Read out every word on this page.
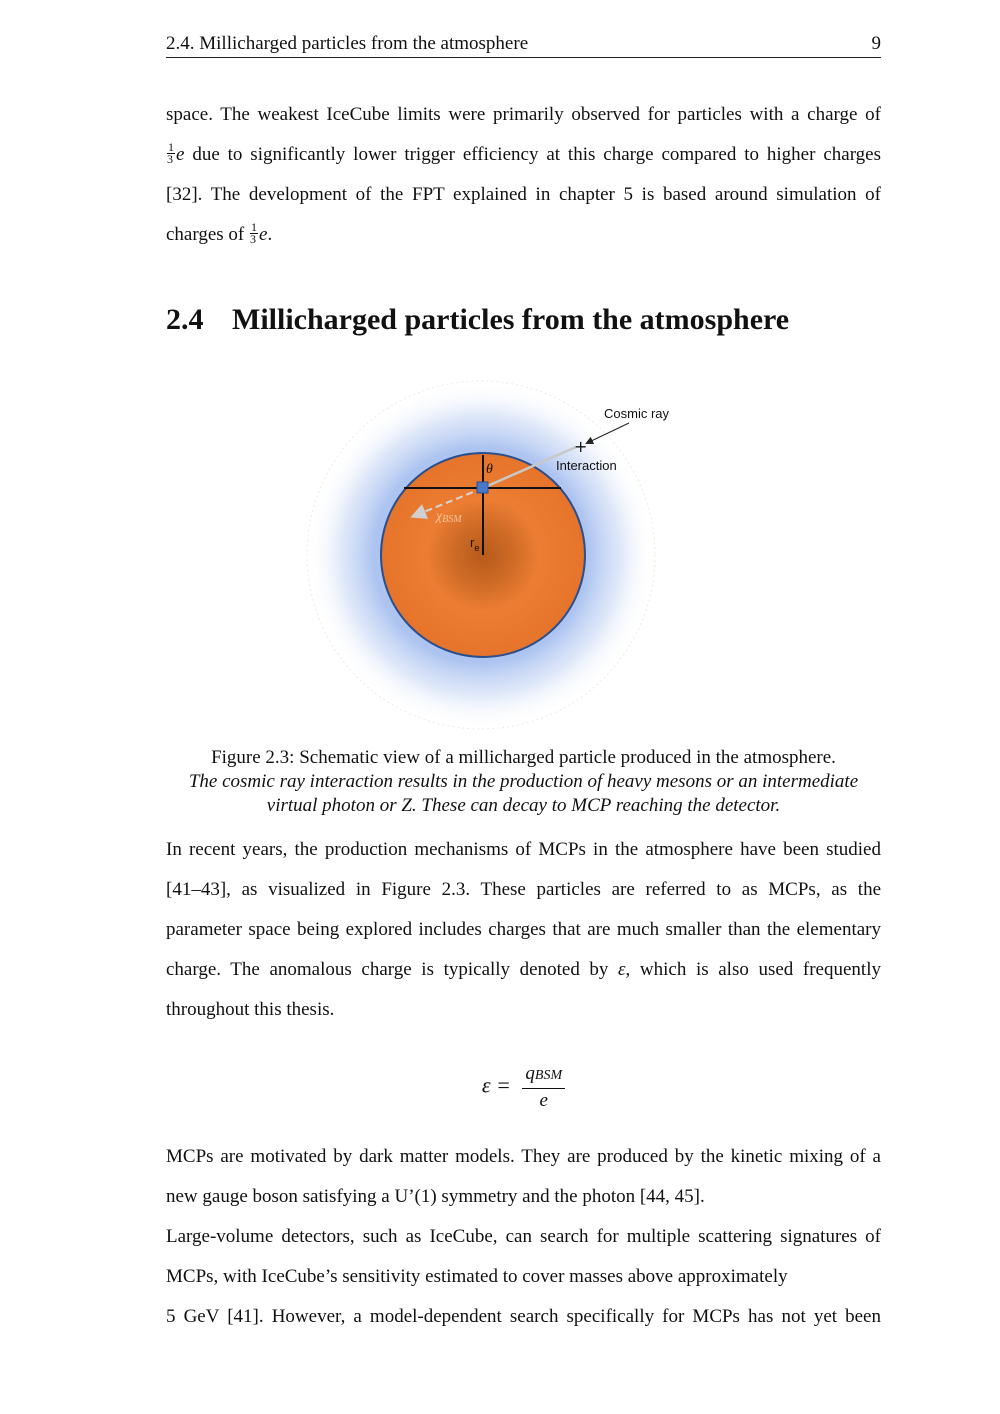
2.4. Millicharged particles from the atmosphere	9
space. The weakest IceCube limits were primarily observed for particles with a charge of
$\frac{1}{3}$ e due to significantly lower trigger efficiency at this charge compared to higher charges
[32]. The development of the FPT explained in chapter 5 is based around simulation of
charges of $\frac{1}{3} e$.
2.4 Millicharged particles from the atmosphere
+
Cosmic ray
Interaction
θ
χBSM
$r_e$
Figure 2.3: Schematic view of a millicharged particle produced in the atmosphere.
The cosmic ray interaction results in the production of heavy mesons or an intermediate
virtual photon or Z. These can decay to MCP reaching the detector.
In recent years, the production mechanisms of MCPs in the atmosphere have been studied
[41–43], as visualized in Figure 2.3. These particles are referred to as MCPs, as the
parameter space being explored includes charges that are much smaller than the elementary
charge. The anomalous charge is typically denoted by ε, which is also used frequently
throughout this thesis.
$\varepsilon = \frac{\text{qBSM}}{e}$
MCPs are motivated by dark matter models. They are produced by the kinetic mixing of a
new gauge boson satisfying a U’(1) symmetry and the photon [44, 45].
Large-volume detectors, such as IceCube, can search for multiple scattering signatures of
MCPs, with IceCube’s sensitivity estimated to cover masses above approximately
5 GeV [41]. However, a model-dependent search specifically for MCPs has not yet been
